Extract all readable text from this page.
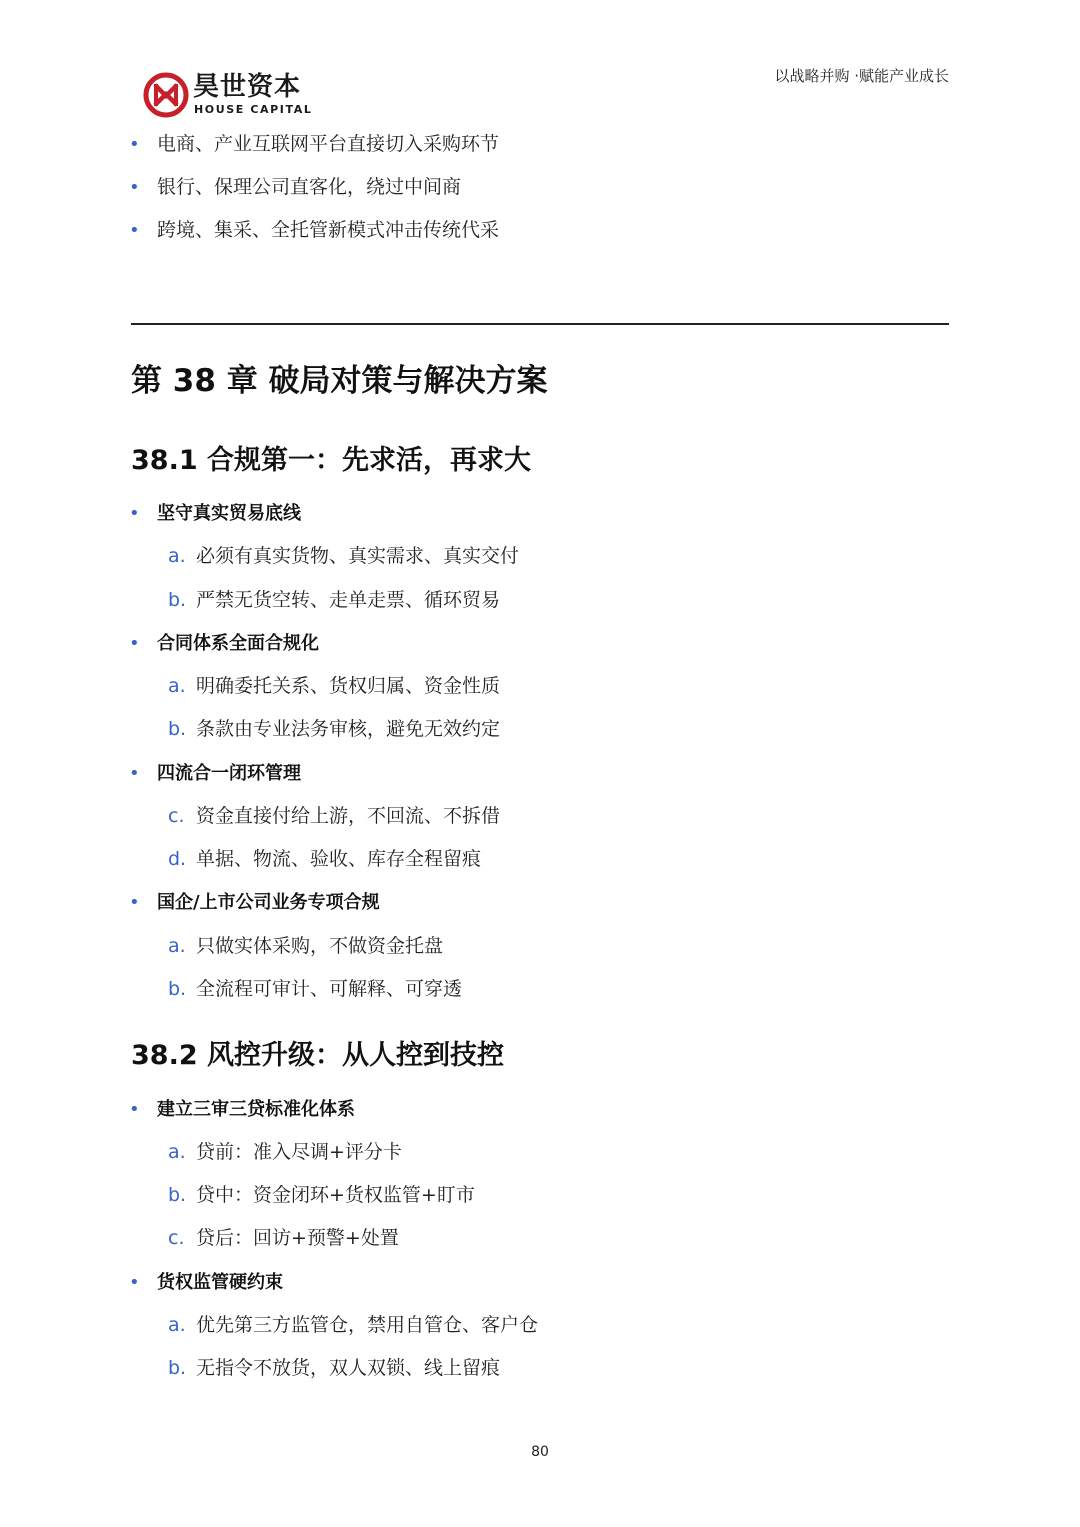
昊世资本
HOUSE CAPITAL
以战略并购 ·赋能产业成长
• 电商、产业互联网平台直接切入采购环节
• 银行、保理公司直客化，绕过中间商
• 跨境、集采、全托管新模式冲击传统代采
第 38 章 破局对策与解决方案
38.1 合规第一：先求活，再求大
• 坚守真实贸易底线
a. 必须有真实货物、真实需求、真实交付
b. 严禁无货空转、走单走票、循环贸易
• 合同体系全面合规化
a. 明确委托关系、货权归属、资金性质
b. 条款由专业法务审核，避免无效约定
• 四流合一闭环管理
c. 资金直接付给上游，不回流、不拆借
d. 单据、物流、验收、库存全程留痕
• 国企/上市公司业务专项合规
a. 只做实体采购，不做资金托盘
b. 全流程可审计、可解释、可穿透
38.2 风控升级：从人控到技控
• 建立三审三贷标准化体系
a. 贷前：准入尽调+评分卡
b. 贷中：资金闭环+货权监管+盯市
c. 贷后：回访+预警+处置
• 货权监管硬约束
a. 优先第三方监管仓，禁用自管仓、客户仓
b. 无指令不放货，双人双锁、线上留痕
80
